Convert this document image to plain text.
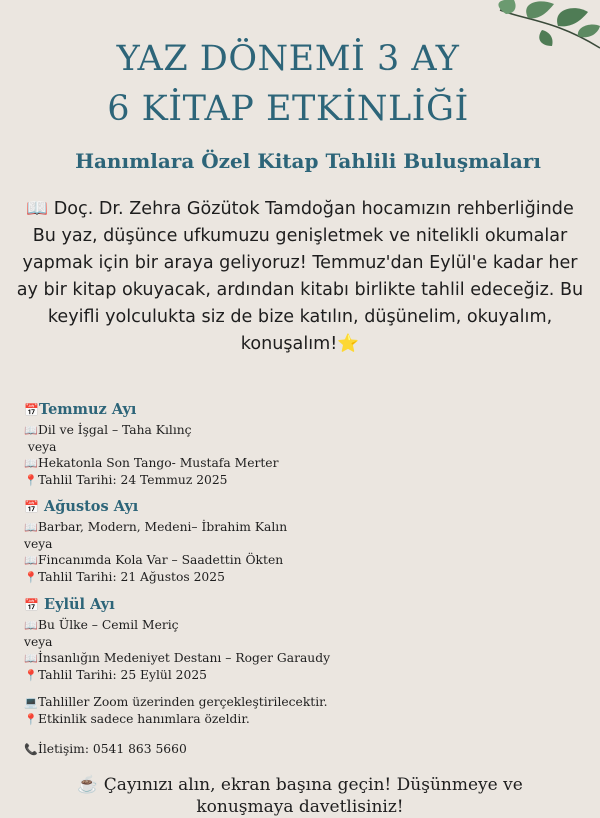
YAZ DÖNEMİ 3 AY
6 KİTAP ETKİNLİĞİ
Hanımlara Özel Kitap Tahlili Buluşmaları

📖 Doç. Dr. Zehra Gözütok Tamdoğan hocamızın rehberliğinde

Bu yaz, düşünce ufkumuzu genişletmek ve nitelikli okumalar yapmak için bir araya geliyoruz! Temmuz'dan Eylül'e kadar her ay bir kitap okuyacak, ardından kitabı birlikte tahlil edeceğiz. Bu keyifli yolculukta siz de bize katılın, düşünelim, okuyalım, konuşalım!⭐

📅Temmuz Ayı
📖Dil ve İşgal – Taha Kılınç
veya
📖Hekatonla Son Tango- Mustafa Merter
📍Tahlil Tarihi: 24 Temmuz 2025
📅 Ağustos Ayı
📖Barbar, Modern, Medeni– İbrahim Kalın
veya
📖Fincanımda Kola Var – Saadettin Ökten
📍Tahlil Tarihi: 21 Ağustos 2025
📅 Eylül Ayı
📖Bu Ülke – Cemil Meriç
veya
📖İnsanlığın Medeniyet Destanı – Roger Garaudy
📍Tahlil Tarihi: 25 Eylül 2025
💻Tahliller Zoom üzerinden gerçekleştirilecektir.
📍Etkinlik sadece hanımlara özeldir.
📞İletişim: 0541 863 5660
☕ Çayınızı alın, ekran başına geçin! Düşünmeye ve
konuşmaya davetlisiniz!
